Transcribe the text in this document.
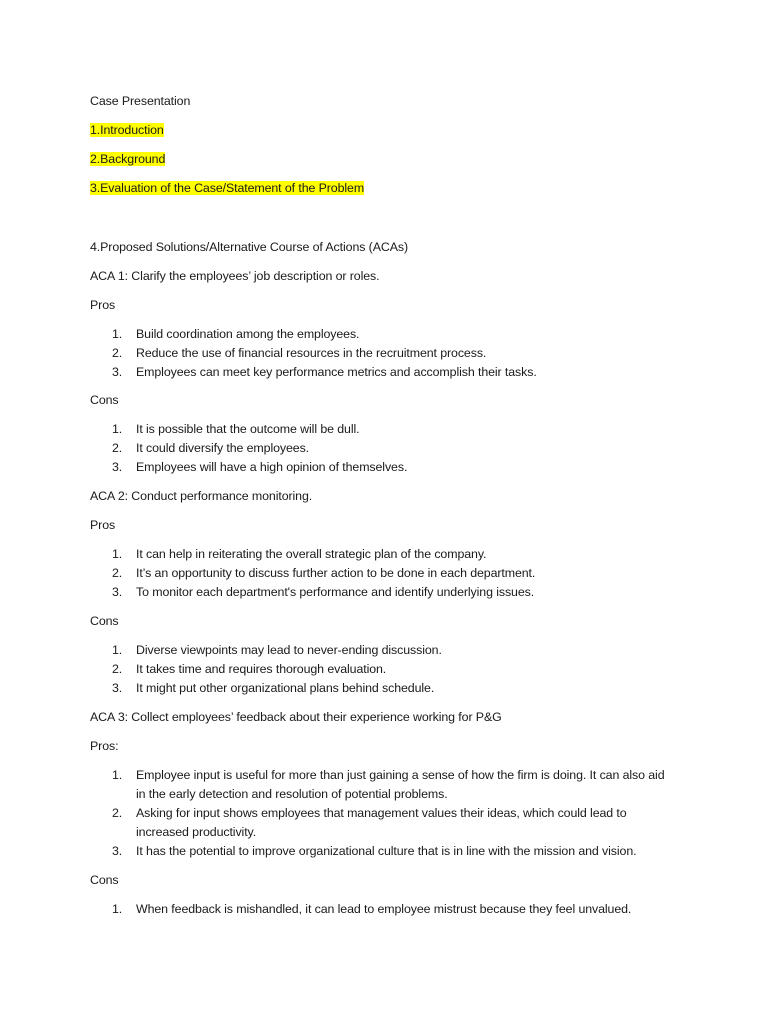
Case Presentation
1.Introduction
2.Background
3.Evaluation of the Case/Statement of the Problem
4.Proposed Solutions/Alternative Course of Actions (ACAs)
ACA 1: Clarify the employees’ job description or roles.
Pros
1. Build coordination among the employees.
2. Reduce the use of financial resources in the recruitment process.
3. Employees can meet key performance metrics and accomplish their tasks.
Cons
1. It is possible that the outcome will be dull.
2. It could diversify the employees.
3. Employees will have a high opinion of themselves.
ACA 2: Conduct performance monitoring.
Pros
1. It can help in reiterating the overall strategic plan of the company.
2. It’s an opportunity to discuss further action to be done in each department.
3. To monitor each department's performance and identify underlying issues.
Cons
1. Diverse viewpoints may lead to never-ending discussion.
2. It takes time and requires thorough evaluation.
3. It might put other organizational plans behind schedule.
ACA 3: Collect employees’ feedback about their experience working for P&G
Pros:
1. Employee input is useful for more than just gaining a sense of how the firm is doing. It can also aid in the early detection and resolution of potential problems.
2. Asking for input shows employees that management values their ideas, which could lead to increased productivity.
3. It has the potential to improve organizational culture that is in line with the mission and vision.
Cons
1. When feedback is mishandled, it can lead to employee mistrust because they feel unvalued.
